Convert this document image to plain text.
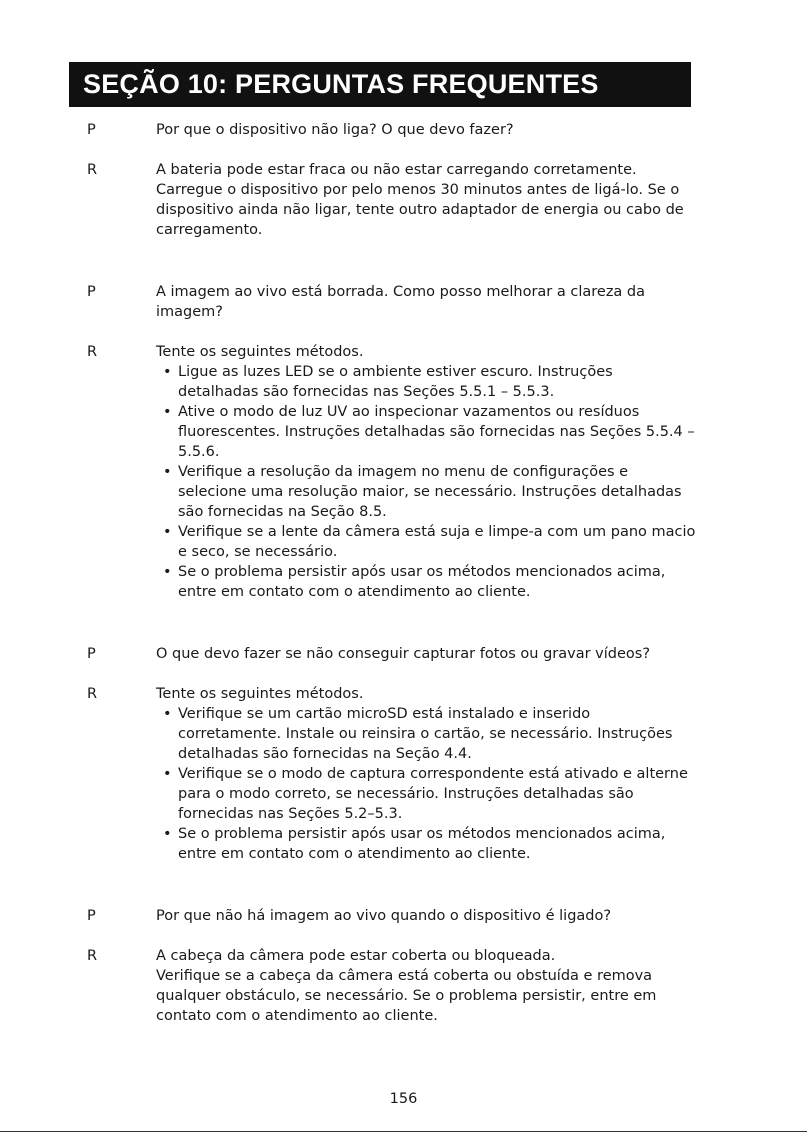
SEÇÃO 10: PERGUNTAS FREQUENTES
P	Por que o dispositivo não liga? O que devo fazer?
R	A bateria pode estar fraca ou não estar carregando corretamente.

Carregue o dispositivo por pelo menos 30 minutos antes de ligá-lo. Se o dispositivo ainda não ligar, tente outro adaptador de energia ou cabo de carregamento.

P	A imagem ao vivo está borrada. Como posso melhorar a clareza da imagem?
R	Tente os seguintes métodos.

• Ligue as luzes LED se o ambiente estiver escuro. Instruções detalhadas são fornecidas nas Seções 5.5.1 – 5.5.3.
• Ative o modo de luz UV ao inspecionar vazamentos ou resíduos fluorescentes. Instruções detalhadas são fornecidas nas Seções 5.5.4 – 5.5.6.
• Verifique a resolução da imagem no menu de configurações e selecione uma resolução maior, se necessário. Instruções detalhadas são fornecidas na Seção 8.5.
• Verifique se a lente da câmera está suja e limpe-a com um pano macio e seco, se necessário.
• Se o problema persistir após usar os métodos mencionados acima, entre em contato com o atendimento ao cliente.
P	O que devo fazer se não conseguir capturar fotos ou gravar vídeos?
R	Tente os seguintes métodos.

• Verifique se um cartão microSD está instalado e inserido corretamente. Instale ou reinsira o cartão, se necessário. Instruções detalhadas são fornecidas na Seção 4.4.
• Verifique se o modo de captura correspondente está ativado e alterne para o modo correto, se necessário. Instruções detalhadas são fornecidas nas Seções 5.2–5.3.
• Se o problema persistir após usar os métodos mencionados acima, entre em contato com o atendimento ao cliente.
P	Por que não há imagem ao vivo quando o dispositivo é ligado?
R	A cabeça da câmera pode estar coberta ou bloqueada.

Verifique se a cabeça da câmera está coberta ou obstuída e remova qualquer obstáculo, se necessário. Se o problema persistir, entre em contato com o atendimento ao cliente.

156
